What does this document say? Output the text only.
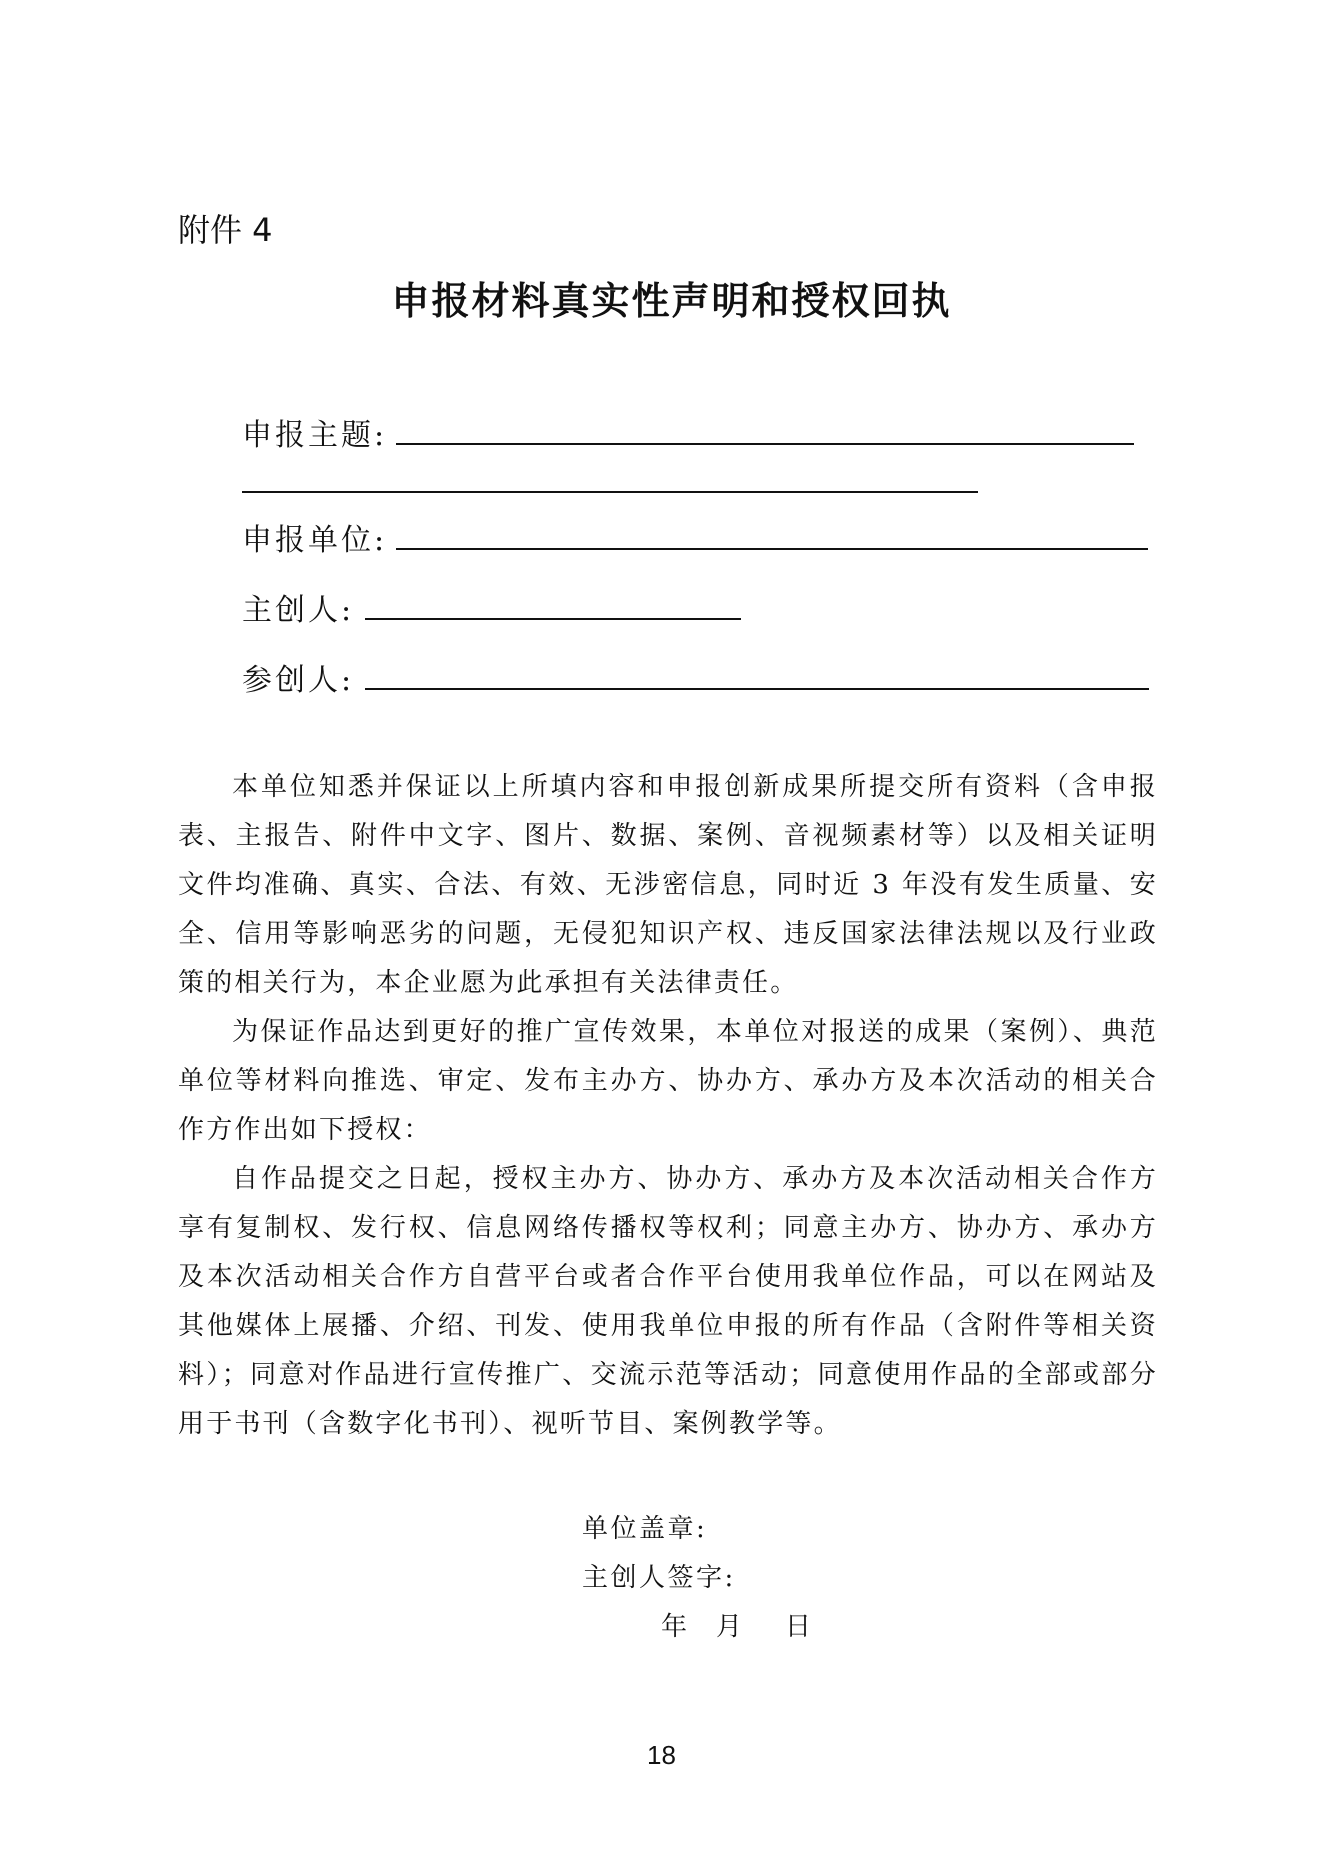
附件 4
申报材料真实性声明和授权回执
申报主题:
申报单位:
主创人:
参创人:

本单位知悉并保证以上所填内容和申报创新成果所提交所有资料（含申报表、主报告、附件中文字、图片、数据、案例、音视频素材等）以及相关证明文件均准确、真实、合法、有效、无涉密信息，同时近 3 年没有发生质量、安全、信用等影响恶劣的问题，无侵犯知识产权、违反国家法律法规以及行业政策的相关行为，本企业愿为此承担有关法律责任。

为保证作品达到更好的推广宣传效果，本单位对报送的成果（案例）、典范单位等材料向推选、审定、发布主办方、协办方、承办方及本次活动的相关合作方作出如下授权：

自作品提交之日起，授权主办方、协办方、承办方及本次活动相关合作方享有复制权、发行权、信息网络传播权等权利；同意主办方、协办方、承办方及本次活动相关合作方自营平台或者合作平台使用我单位作品，可以在网站及其他媒体上展播、介绍、刊发、使用我单位申报的所有作品（含附件等相关资料）；同意对作品进行宣传推广、交流示范等活动；同意使用作品的全部或部分用于书刊（含数字化书刊）、视听节目、案例教学等。

单位盖章:
主创人签字:
年 月 日
18
